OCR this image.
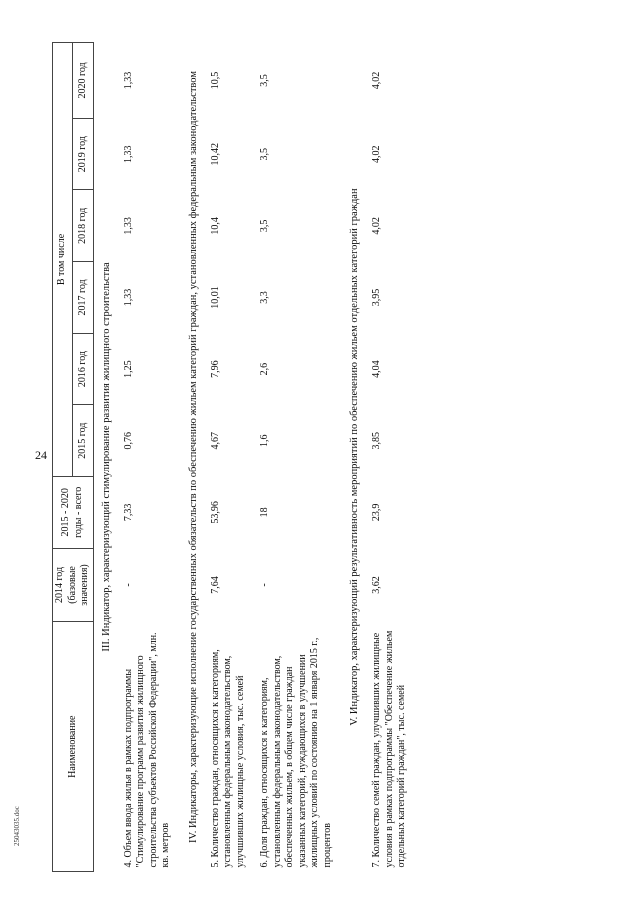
24
25043035.doc
Наименование	2014 год (базовые значения)	2015 - 2020 годы - всего	В том числе					
			2015 год	2016 год	2017 год	2018 год	2019 год	2020 год
III. Индикатор, характеризующий стимулирование развития жилищного строительства								
4. Объем ввода жилья в рамках подпрограммы "Стимулирование программ развития жилищного строительства субъектов Российской Федерации", млн. кв. метров	-	7,33	0,76	1,25	1,33	1,33	1,33	1,33
IV. Индикаторы, характеризующие исполнение государственных обязательств по обеспечению жильем категорий граждан, установленных федеральным законодательством								
5. Количество граждан, относящихся к категориям, установленным федеральным законодательством, улучшивших жилищные условия, тыс. семей	7,64	53,96	4,67	7,96	10,01	10,4	10,42	10,5
6. Доля граждан, относящихся к категориям, установленным федеральным законодательством, обеспеченных жильем, в общем числе граждан указанных категорий, нуждающихся в улучшении жилищных условий по состоянию на 1 января 2015 г., процентов	-	18	1,6	2,6	3,3	3,5	3,5	3,5
V. Индикатор, характеризующий результативность мероприятий по обеспечению жильем отдельных категорий граждан								
7. Количество семей граждан, улучшивших жилищные условия в рамках подпрограммы "Обеспечение жильем отдельных категорий граждан", тыс. семей	3,62	23,9	3,85	4,04	3,95	4,02	4,02	4,02
